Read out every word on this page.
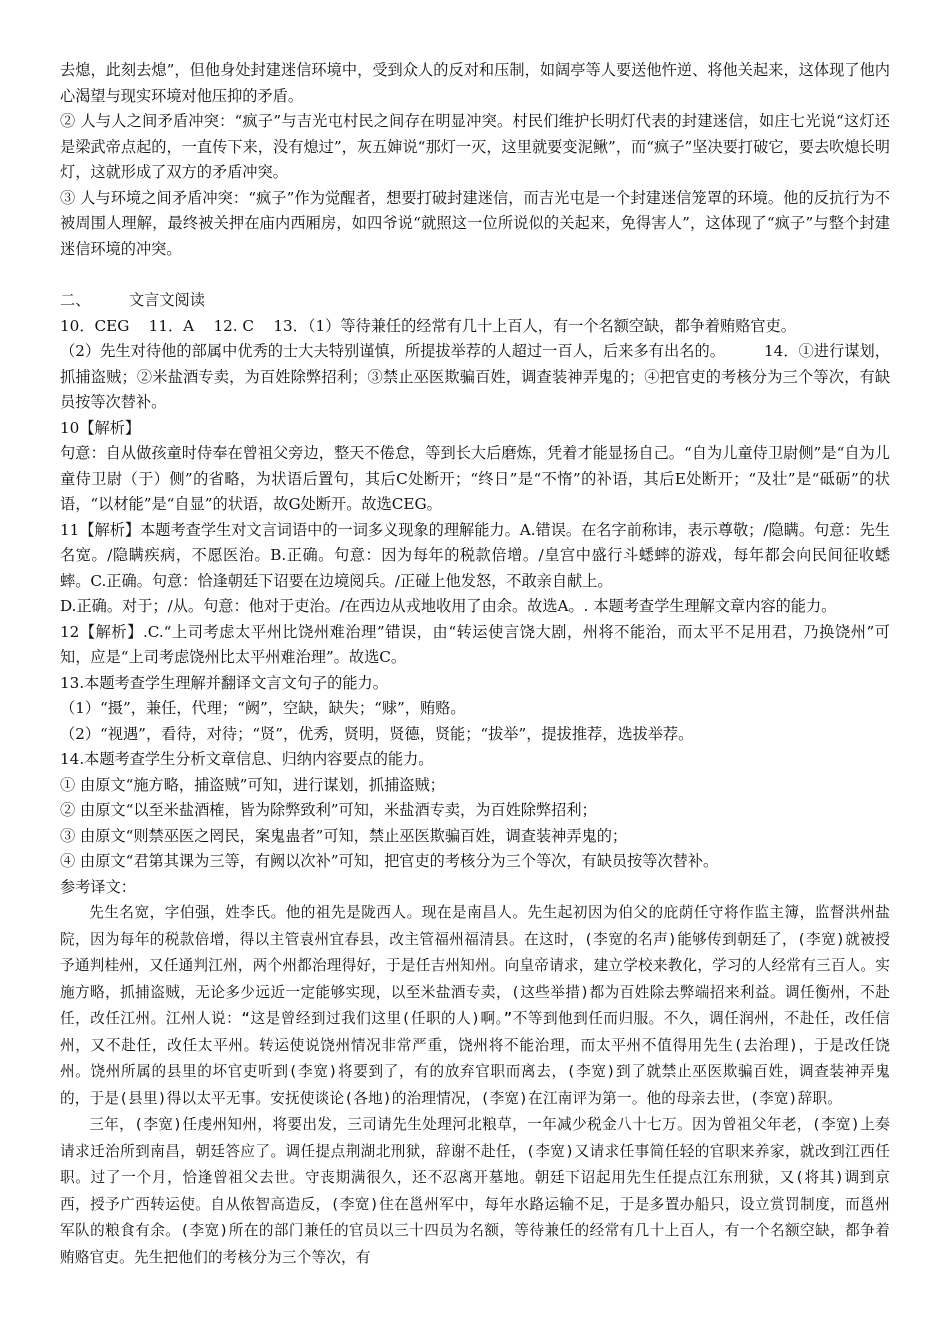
去熄，此刻去熄”，但他身处封建迷信环境中，受到众人的反对和压制，如阔亭等人要送他忤逆、将他关起来，这体现了他内心渴望与现实环境对他压抑的矛盾。

② 人与人之间矛盾冲突：“疯子”与吉光屯村民之间存在明显冲突。村民们维护长明灯代表的封建迷信，如庄七光说“这灯还是梁武帝点起的，一直传下来，没有熄过”，灰五婶说“那灯一灭，这里就要变泥鳅”，而“疯子”坚决要打破它，要去吹熄长明灯，这就形成了双方的矛盾冲突。

③ 人与环境之间矛盾冲突：“疯子”作为觉醒者，想要打破封建迷信，而吉光屯是一个封建迷信笼罩的环境。他的反抗行为不被周围人理解，最终被关押在庙内西厢房，如四爷说“就照这一位所说似的关起来，免得害人”，这体现了“疯子”与整个封建迷信环境的冲突。

二、        文言文阅读

10．CEG    11．A    12. C    13．（1）等待兼任的经常有几十上百人，有一个名额空缺，都争着贿赂官吏。

（2）先生对待他的部属中优秀的士大夫特别谨慎，所提拔举荐的人超过一百人，后来多有出名的。        14．①进行谋划，抓捕盗贼；②米盐酒专卖，为百姓除弊招利；③禁止巫医欺骗百姓，调查装神弄鬼的；④把官吏的考核分为三个等次，有缺员按等次替补。

10【解析】

句意：自从做孩童时侍奉在曾祖父旁边，整天不倦怠，等到长大后磨炼，凭着才能显扬自己。“自为儿童侍卫尉侧”是“自为儿童侍卫尉（于）侧”的省略，为状语后置句，其后C处断开；“终日”是“不惰”的补语，其后E处断开；“及壮”是“砥砺”的状语，“以材能”是“自显”的状语，故G处断开。故选CEG。

11【解析】本题考查学生对文言词语中的一词多义现象的理解能力。A.错误。在名字前称讳，表示尊敬；/隐瞒。句意：先生名宽。/隐瞒疾病，不愿医治。B.正确。句意：因为每年的税款倍增。/皇宫中盛行斗蟋蟀的游戏，每年都会向民间征收蟋蟀。C.正确。句意：恰逢朝廷下诏要在边境阅兵。/正碰上他发怒，不敢亲自献上。

D.正确。对于；/从。句意：他对于吏治。/在西边从戎地收用了由余。故选A。. 本题考查学生理解文章内容的能力。

12【解析】.C.“上司考虑太平州比饶州难治理”错误，由“转运使言饶大剧，州将不能治，而太平不足用君，乃换饶州”可知，应是“上司考虑饶州比太平州难治理”。故选C。

13.本题考查学生理解并翻译文言文句子的能力。

（1）“摄”，兼任，代理；“阙”，空缺，缺失；“赇”，贿赂。

（2）“视遇”，看待，对待；“贤”，优秀，贤明，贤德，贤能；“拔举”，提拔推荐，选拔举荐。

14.本题考查学生分析文章信息、归纳内容要点的能力。

① 由原文“施方略，捕盗贼”可知，进行谋划，抓捕盗贼；

② 由原文“以至米盐酒榷，皆为除弊致利”可知，米盐酒专卖，为百姓除弊招利；

③ 由原文“则禁巫医之罔民，案鬼蛊者”可知，禁止巫医欺骗百姓，调查装神弄鬼的；

④ 由原文“君第其课为三等，有阙以次补”可知，把官吏的考核分为三个等次，有缺员按等次替补。

参考译文：

先生名宽，字伯强，姓李氏。他的祖先是陇西人。现在是南昌人。先生起初因为伯父的庇荫任守将作监主簿，监督洪州盐院，因为每年的税款倍增，得以主管袁州宜春县，改主管福州福清县。在这时，(李宽的名声)能够传到朝廷了，(李宽)就被授予通判桂州，又任通判江州，两个州都治理得好，于是任吉州知州。向皇帝请求，建立学校来教化，学习的人经常有三百人。实施方略，抓捕盗贼，无论多少远近一定能够实现，以至米盐酒专卖，(这些举措)都为百姓除去弊端招来利益。调任衡州，不赴任，改任江州。江州人说：“这是曾经到过我们这里(任职的人)啊。”不等到他到任而归服。不久，调任润州，不赴任，改任信州，又不赴任，改任太平州。转运使说饶州情况非常严重，饶州将不能治理，而太平州不值得用先生(去治理)，于是改任饶州。饶州所属的县里的坏官吏听到(李宽)将要到了，有的放弃官职而离去，(李宽)到了就禁止巫医欺骗百姓，调查装神弄鬼的，于是(县里)得以太平无事。安抚使谈论(各地)的治理情况，(李宽)在江南评为第一。他的母亲去世，(李宽)辞职。

三年，(李宽)任虔州知州，将要出发，三司请先生处理河北粮草，一年减少税金八十七万。因为曾祖父年老，(李宽)上奏请求迁治所到南昌，朝廷答应了。调任提点荆湖北刑狱，辞谢不赴任，(李宽)又请求任事简任轻的官职来养家，就改到江西任职。过了一个月，恰逢曾祖父去世。守丧期满很久，还不忍离开墓地。朝廷下诏起用先生任提点江东刑狱，又(将其)调到京西，授予广西转运使。自从侬智高造反，(李宽)住在邕州军中，每年水路运输不足，于是多置办船只，设立赏罚制度，而邕州军队的粮食有余。(李宽)所在的部门兼任的官员以三十四员为名额，等待兼任的经常有几十上百人，有一个名额空缺，都争着贿赂官吏。先生把他们的考核分为三个等次，有
